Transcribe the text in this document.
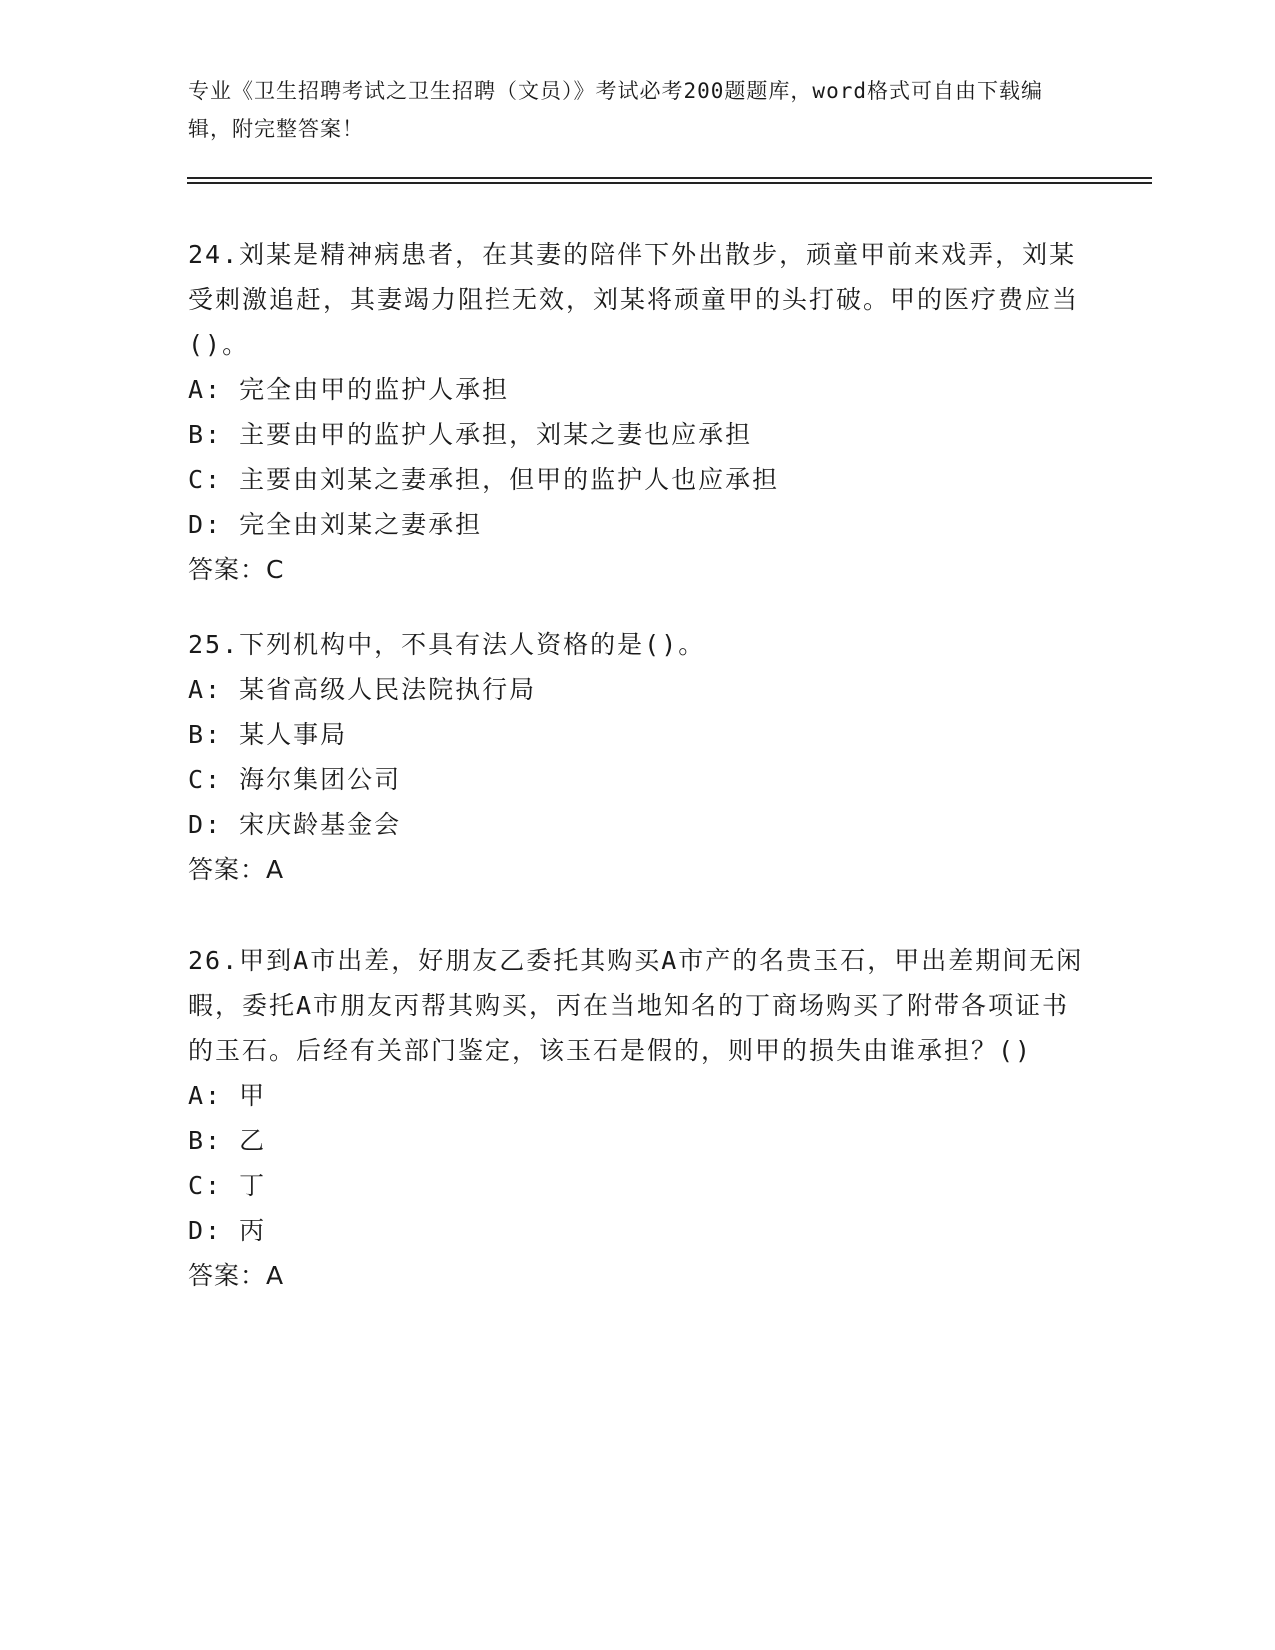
专业《卫生招聘考试之卫生招聘（文员）》考试必考200题题库，word格式可自由下载编辑，附完整答案！
24.刘某是精神病患者，在其妻的陪伴下外出散步，顽童甲前来戏弄，刘某受刺激追赶，其妻竭力阻拦无效，刘某将顽童甲的头打破。甲的医疗费应当()。
A: 完全由甲的监护人承担
B: 主要由甲的监护人承担，刘某之妻也应承担
C: 主要由刘某之妻承担，但甲的监护人也应承担
D: 完全由刘某之妻承担
答案：C
25.下列机构中，不具有法人资格的是()。
A: 某省高级人民法院执行局
B: 某人事局
C: 海尔集团公司
D: 宋庆龄基金会
答案：A
26.甲到A市出差，好朋友乙委托其购买A市产的名贵玉石，甲出差期间无闲暇，委托A市朋友丙帮其购买，丙在当地知名的丁商场购买了附带各项证书的玉石。后经有关部门鉴定，该玉石是假的，则甲的损失由谁承担？()
A: 甲
B: 乙
C: 丁
D: 丙
答案：A
